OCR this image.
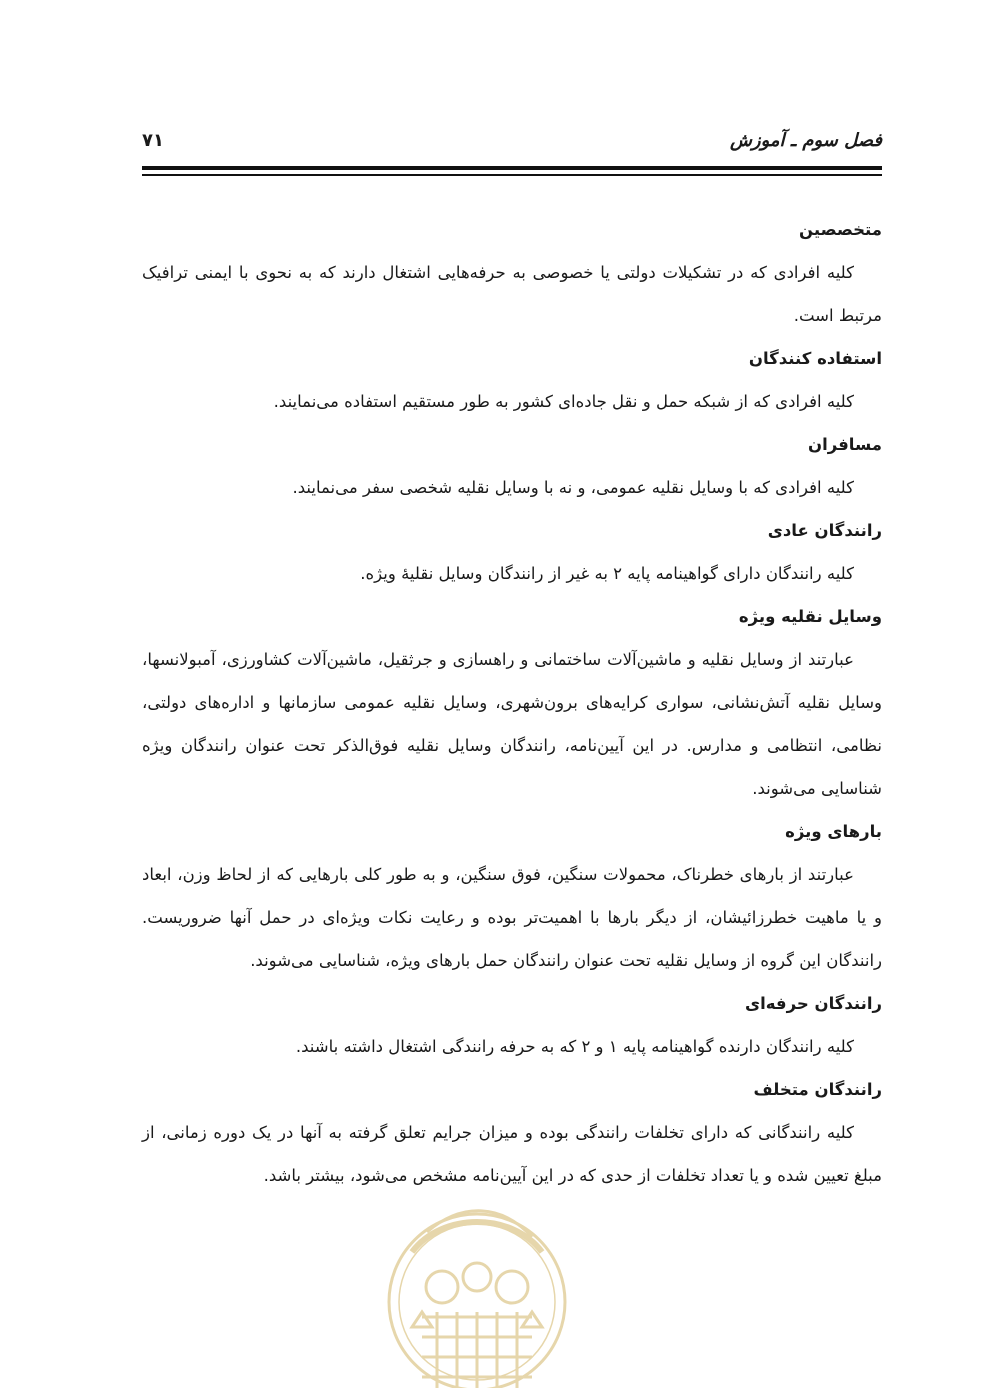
فصل سوم ـ آموزش
۷۱

متخصصین

کلیه افرادی که در تشکیلات دولتی یا خصوصی به حرفه‌هایی اشتغال دارند که به نحوی با ایمنی ترافیک مرتبط است.

استفاده کنندگان

کلیه افرادی که از شبکه حمل و نقل جاده‌ای کشور به طور مستقیم استفاده می‌نمایند.

مسافران

کلیه افرادی که با وسایل نقلیه عمومی، و نه با وسایل نقلیه شخصی سفر می‌نمایند.

رانندگان عادی

کلیه رانندگان دارای گواهینامه پایه ۲ به غیر از رانندگان وسایل نقلیهٔ ویژه.

وسایل نقلیه ویژه

عبارتند از وسایل نقلیه و ماشین‌آلات ساختمانی و راهسازی و جرثقیل، ماشین‌آلات کشاورزی، آمبولانسها، وسایل نقلیه آتش‌نشانی، سواری کرایه‌های برون‌شهری، وسایل نقلیه عمومی سازمانها و اداره‌های دولتی، نظامی، انتظامی و مدارس. در این آیین‌نامه، رانندگان وسایل نقلیه فوق‌الذکر تحت عنوان رانندگان ویژه شناسایی می‌شوند.

بارهای ویژه

عبارتند از بارهای خطرناک، محمولات سنگین، فوق سنگین، و به طور کلی بارهایی که از لحاظ وزن، ابعاد و یا ماهیت خطرزائیشان، از دیگر بارها با اهمیت‌تر بوده و رعایت نکات ویژه‌ای در حمل آنها ضروریست. رانندگان این گروه از وسایل نقلیه تحت عنوان رانندگان حمل بارهای ویژه، شناسایی می‌شوند.

رانندگان حرفه‌ای

کلیه رانندگان دارنده گواهینامه پایه ۱ و ۲ که به حرفه رانندگی اشتغال داشته باشند.

رانندگان متخلف

کلیه رانندگانی که دارای تخلفات رانندگی بوده و میزان جرایم تعلق گرفته به آنها در یک دوره زمانی، از مبلغ تعیین شده و یا تعداد تخلفات از حدی که در این آیین‌نامه مشخص می‌شود، بیشتر باشد.
